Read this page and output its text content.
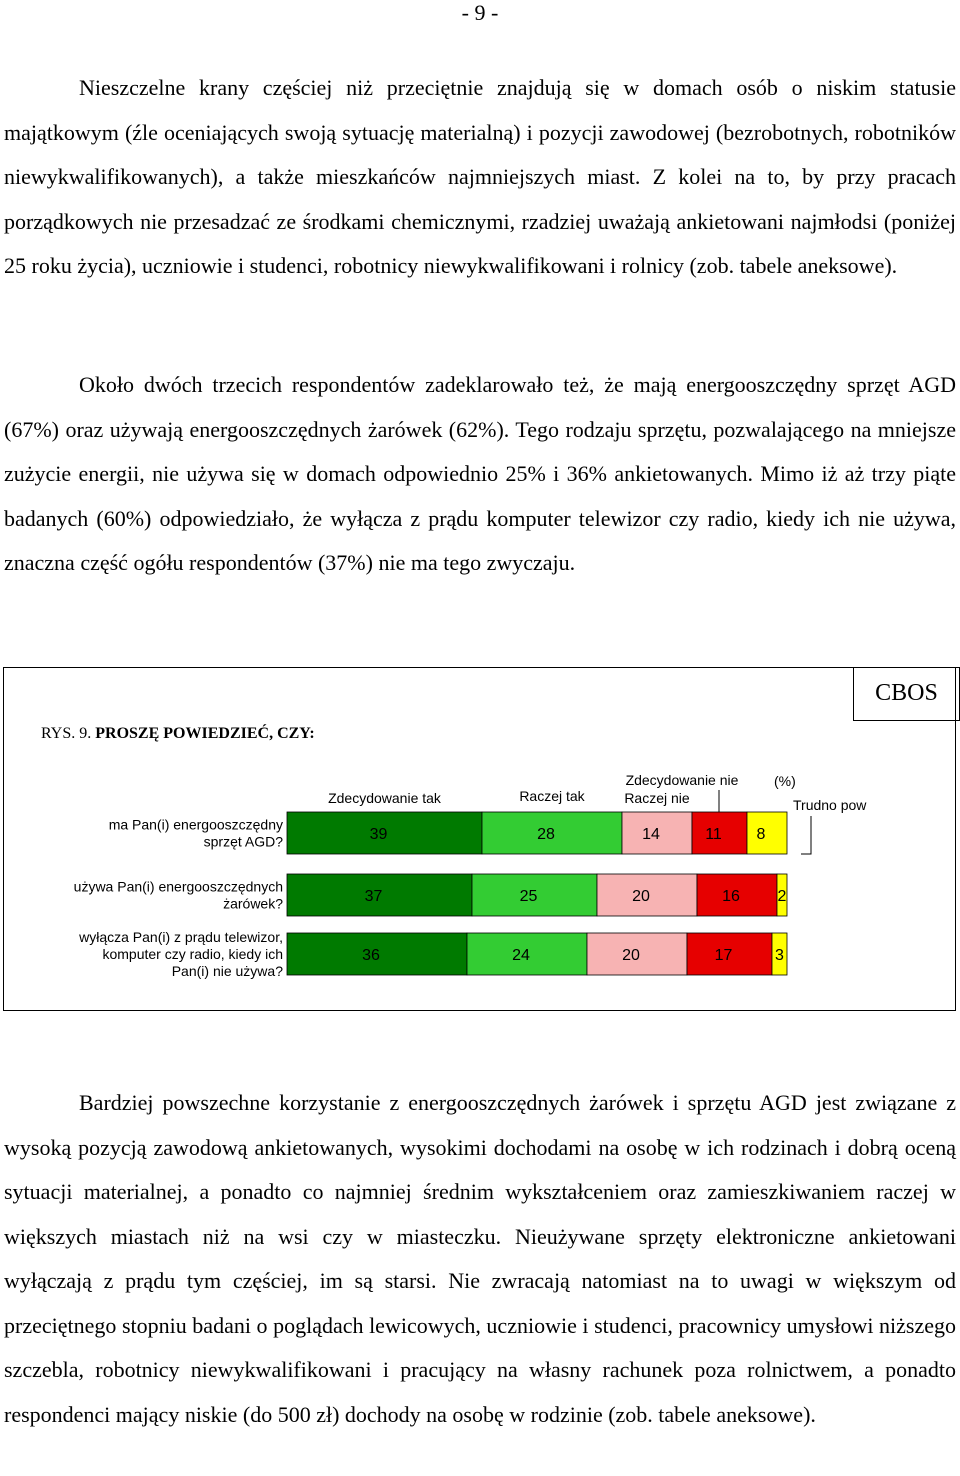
- 9 -

Nieszczelne krany częściej niż przeciętnie znajdują się w domach osób o niskim statusie majątkowym (źle oceniających swoją sytuację materialną) i pozycji zawodowej (bezrobotnych, robotników niewykwalifikowanych), a także mieszkańców najmniejszych miast. Z kolei na to, by przy pracach porządkowych nie przesadzać ze środkami chemicznymi, rzadziej uważają ankietowani najmłodsi (poniżej 25 roku życia), uczniowie i studenci, robotnicy niewykwalifikowani i rolnicy (zob. tabele aneksowe).

Około dwóch trzecich respondentów zadeklarowało też, że mają energooszczędny sprzęt AGD (67%) oraz używają energooszczędnych żarówek (62%). Tego rodzaju sprzętu, pozwalającego na mniejsze zużycie energii, nie używa się w domach odpowiednio 25% i 36% ankietowanych. Mimo iż aż trzy piąte badanych (60%) odpowiedziało, że wyłącza z prądu komputer telewizor czy radio, kiedy ich nie używa, znaczna część ogółu respondentów (37%) nie ma tego zwyczaju.

CBOS
RYS. 9. PROSZĘ POWIEDZIEĆ, CZY:
ma Pan(i) energooszczędny
sprzęt AGD?
używa Pan(i) energooszczędnych
żarówek?
wyłącza Pan(i) z prądu telewizor,
komputer czy radio, kiedy ich
Pan(i) nie używa?
39	28	14	11 8
37	25	20	16 2
36	24	20	17	3
Zdecydowanie tak	Raczej tak	Raczej nie
Zdecydowanie nie
Trudno pow
(%)

Bardziej powszechne korzystanie z energooszczędnych żarówek i sprzętu AGD jest związane z wysoką pozycją zawodową ankietowanych, wysokimi dochodami na osobę w ich rodzinach i dobrą oceną sytuacji materialnej, a ponadto co najmniej średnim wykształceniem oraz zamieszkiwaniem raczej w większych miastach niż na wsi czy w miasteczku. Nieużywane sprzęty elektroniczne ankietowani wyłączają z prądu tym częściej, im są starsi. Nie zwracają natomiast na to uwagi w większym od przeciętnego stopniu badani o poglądach lewicowych, uczniowie i studenci, pracownicy umysłowi niższego szczebla, robotnicy niewykwalifikowani i pracujący na własny rachunek poza rolnictwem, a ponadto respondenci mający niskie (do 500 zł) dochody na osobę w rodzinie (zob. tabele aneksowe).
